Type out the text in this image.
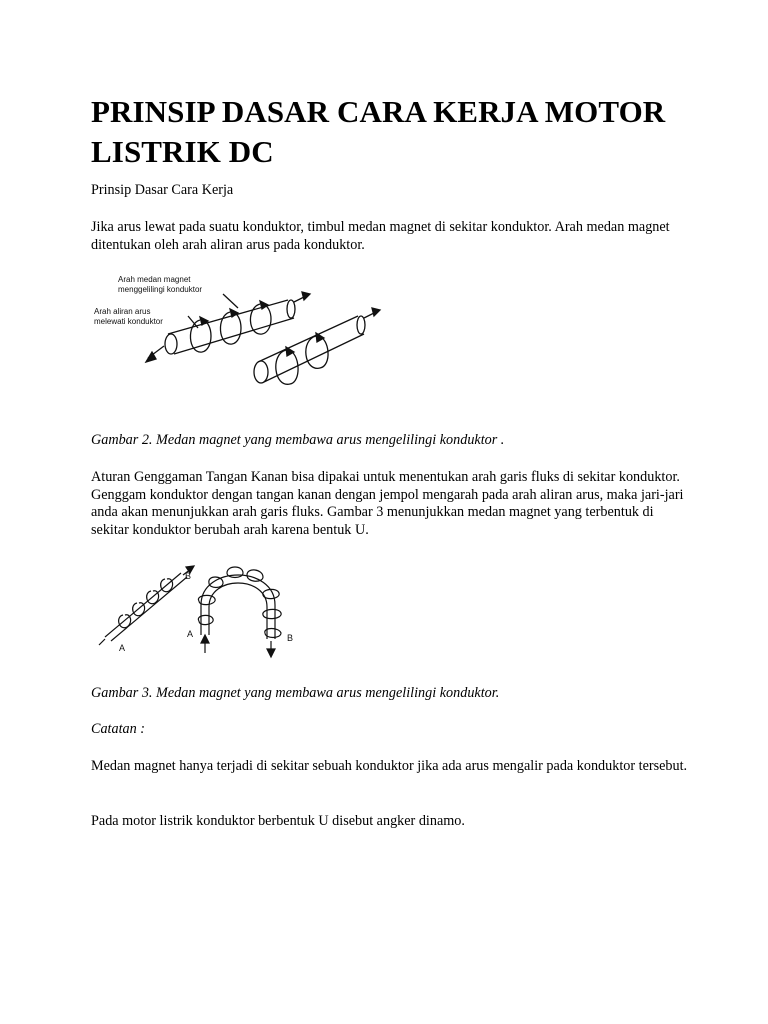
PRINSIP DASAR CARA KERJA MOTOR LISTRIK DC

Prinsip Dasar Cara Kerja

Jika arus lewat pada suatu konduktor, timbul medan magnet di sekitar konduktor. Arah medan magnet ditentukan oleh arah aliran arus pada konduktor.

Arah medan magnet
menggelilingi konduktor
Arah aliran arus
melewati konduktor

Gambar 2. Medan magnet yang membawa arus mengelilingi konduktor .

Aturan Genggaman Tangan Kanan bisa dipakai untuk menentukan arah garis fluks di sekitar konduktor. Genggam konduktor dengan tangan kanan dengan jempol mengarah pada arah aliran arus, maka jari-jari anda akan menunjukkan arah garis fluks. Gambar 3 menunjukkan medan magnet yang terbentuk di sekitar konduktor berubah arah karena bentuk U.

A
B
A	B

Gambar 3. Medan magnet yang membawa arus mengelilingi konduktor.

Catatan :

Medan magnet hanya terjadi di sekitar sebuah konduktor jika ada arus mengalir pada konduktor tersebut.

Pada motor listrik konduktor berbentuk U disebut angker dinamo.
